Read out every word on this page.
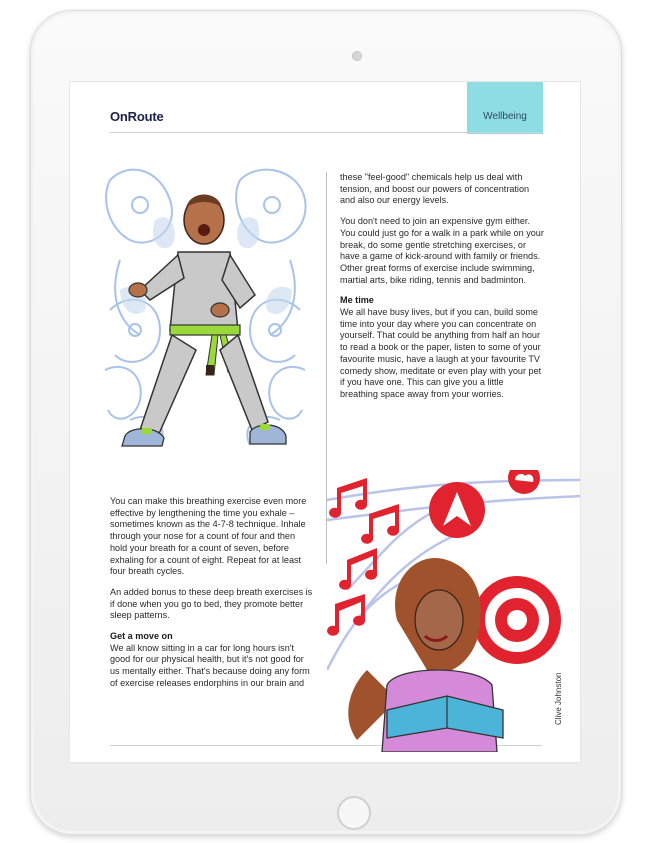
OnRoute	Wellbeing

You can make this breathing exercise even more effective by lengthening the time you exhale – sometimes known as the 4-7-8 technique. Inhale through your nose for a count of four and then hold your breath for a count of seven, before exhaling for a count of eight. Repeat for at least four breath cycles.

An added bonus to these deep breath exercises is if done when you go to bed, they promote better sleep patterns.

Get a move on

We all know sitting in a car for long hours isn't good for our physical health, but it's not good for us mentally either. That's because doing any form of exercise releases endorphins in our brain and

these "feel-good" chemicals help us deal with tension, and boost our powers of concentration and also our energy levels.

You don't need to join an expensive gym either. You could just go for a walk in a park while on your break, do some gentle stretching exercises, or have a game of kick-around with family or friends. Other great forms of exercise include swimming, martial arts, bike riding, tennis and badminton.

Me time

We all have busy lives, but if you can, build some time into your day where you can concentrate on yourself. That could be anything from half an hour to read a book or the paper, listen to some of your favourite music, have a laugh at your favourite TV comedy show, meditate or even play with your pet if you have one. This can give you a little breathing space away from your worries.

Clive Johnston
